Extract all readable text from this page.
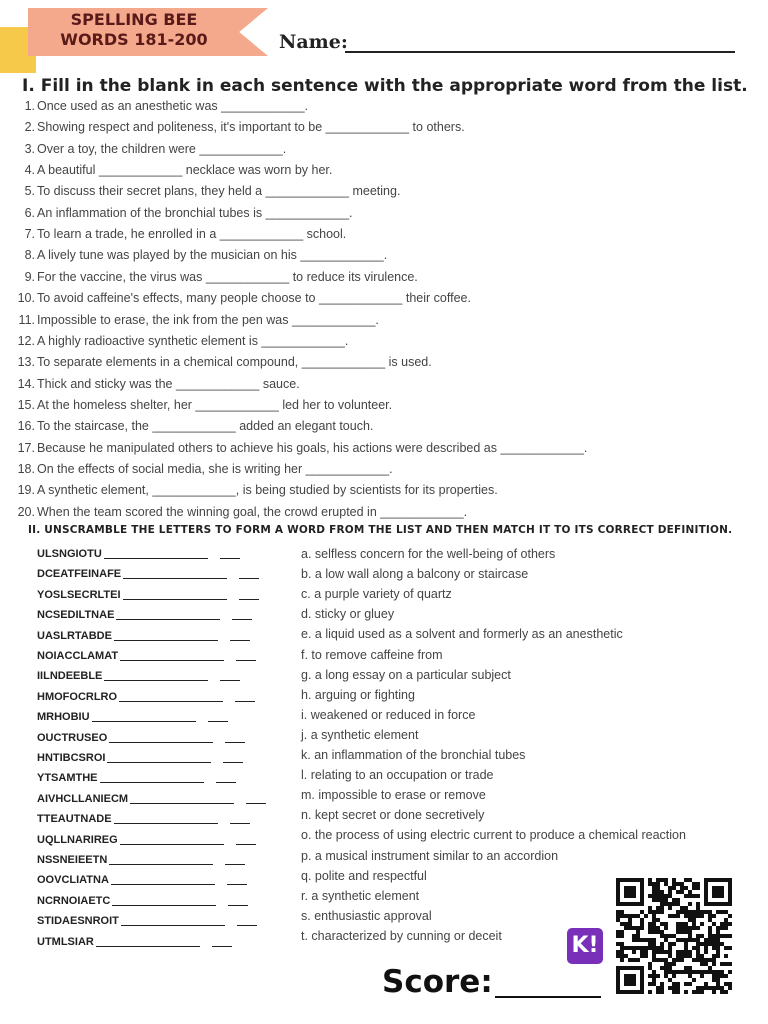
SPELLING BEE
WORDS 181-200	Name:
I. Fill in the blank in each sentence with the appropriate word from the list.
1. Once used as an anesthetic was ____________.
2. Showing respect and politeness, it's important to be ____________ to others.
3. Over a toy, the children were ____________.
4. A beautiful ____________ necklace was worn by her.
5. To discuss their secret plans, they held a ____________ meeting.
6. An inflammation of the bronchial tubes is ____________.
7. To learn a trade, he enrolled in a ____________ school.
8. A lively tune was played by the musician on his ____________.
9. For the vaccine, the virus was ____________ to reduce its virulence.
10. To avoid caffeine's effects, many people choose to ____________ their coffee.
11. Impossible to erase, the ink from the pen was ____________.
12. A highly radioactive synthetic element is ____________.
13. To separate elements in a chemical compound, ____________ is used.
14. Thick and sticky was the ____________ sauce.
15. At the homeless shelter, her ____________ led her to volunteer.
16. To the staircase, the ____________ added an elegant touch.
17. Because he manipulated others to achieve his goals, his actions were described as ____________.
18. On the effects of social media, she is writing her ____________.
19. A synthetic element, ____________, is being studied by scientists for its properties.
20. When the team scored the winning goal, the crowd erupted in ____________.
II. UNSCRAMBLE THE LETTERS TO FORM A WORD FROM THE LIST AND THEN MATCH IT TO ITS CORRECT DEFINITION.
ULSNGIOTU
DCEATFEINAFE
YOSLSECRLTEI
NCSEDILTNAE
UASLRTABDE
NOIACCLAMAT
IILNDEEBLE
HMOFOCRLRO
MRHOBIU
OUCTRUSEO
HNTIBCSROI
YTSAMTHE
AIVHCLLANIECM
TTEAUTNADE
UQLLNARIREG
NSSNEIEETN
OOVCLIATNA
NCRNOIAETC
STIDAESNROIT
UTMLSIAR
a. selfless concern for the well-being of others
b. a low wall along a balcony or staircase
c. a purple variety of quartz
d. sticky or gluey
e. a liquid used as a solvent and formerly as an anesthetic
f. to remove caffeine from
g. a long essay on a particular subject
h. arguing or fighting
i. weakened or reduced in force
j. a synthetic element
k. an inflammation of the bronchial tubes
l. relating to an occupation or trade
m. impossible to erase or remove
n. kept secret or done secretively
o. the process of using electric current to produce a chemical reaction
p. a musical instrument similar to an accordion
q. polite and respectful
r. a synthetic element
s. enthusiastic approval
t. characterized by cunning or deceit	K!
Score:
